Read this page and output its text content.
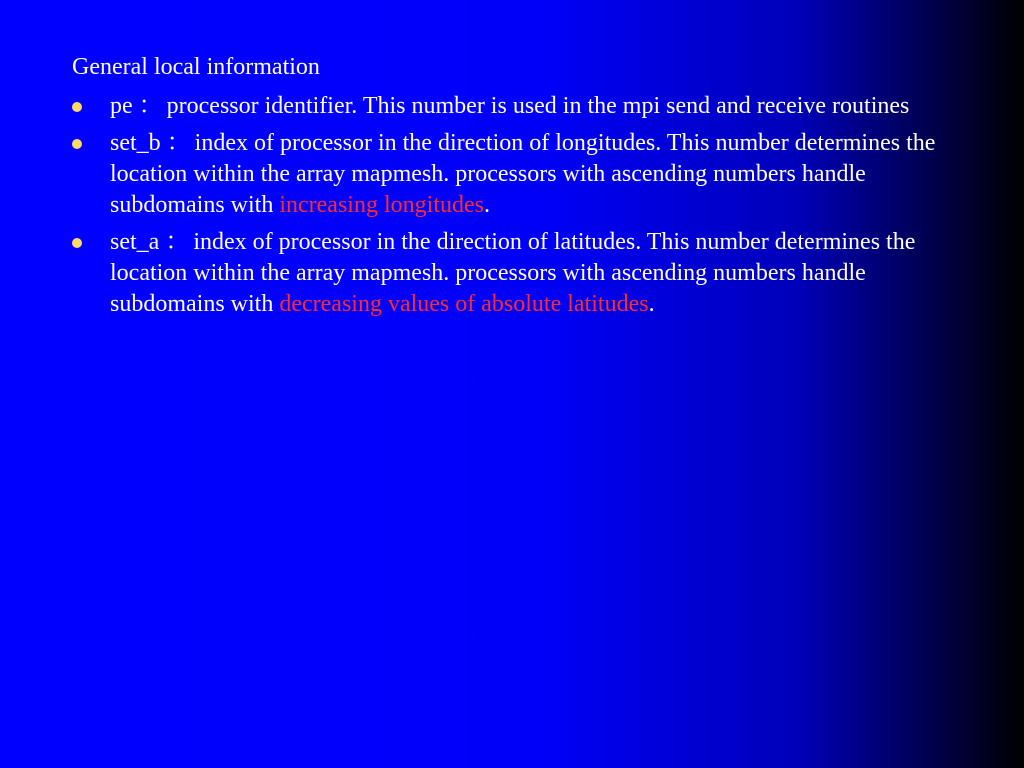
General local information
pe ： processor identifier. This number is used in the mpi send and receive routines
set_b ： index of processor in the direction of longitudes. This number determines the location within the array mapmesh. processors with ascending numbers handle subdomains with increasing longitudes.
set_a ： index of processor in the direction of latitudes. This number determines the location within the array mapmesh. processors with ascending numbers handle subdomains with decreasing values of absolute latitudes.
